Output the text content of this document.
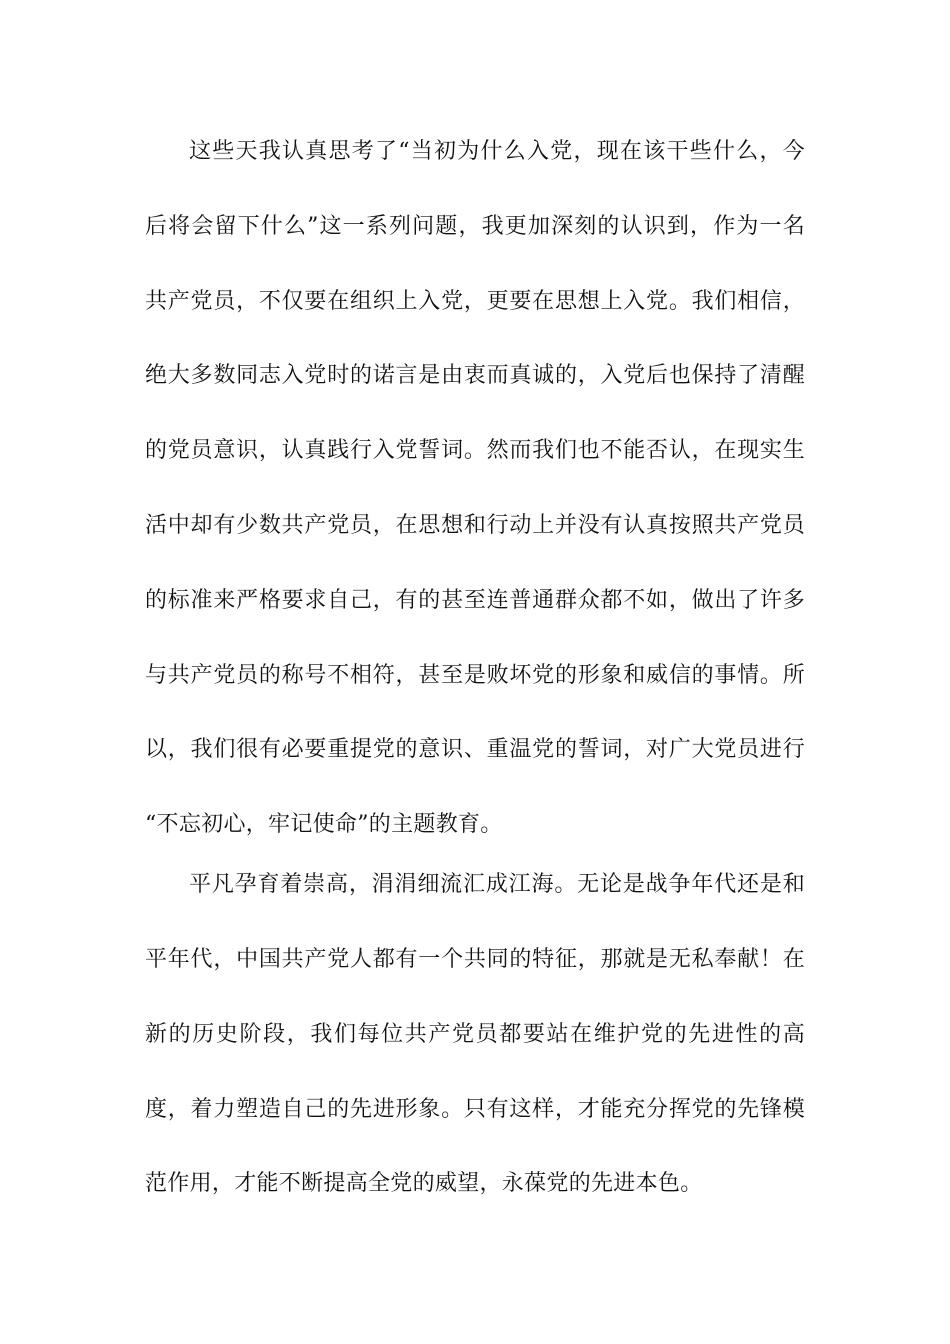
这些天我认真思考了“当初为什么入党，现在该干些什么，今
后将会留下什么”这一系列问题，我更加深刻的认识到，作为一名
共产党员，不仅要在组织上入党，更要在思想上入党。我们相信，
绝大多数同志入党时的诺言是由衷而真诚的，入党后也保持了清醒
的党员意识，认真践行入党誓词。然而我们也不能否认，在现实生
活中却有少数共产党员，在思想和行动上并没有认真按照共产党员
的标准来严格要求自己，有的甚至连普通群众都不如，做出了许多
与共产党员的称号不相符，甚至是败坏党的形象和威信的事情。所
以，我们很有必要重提党的意识、重温党的誓词，对广大党员进行
“不忘初心，牢记使命”的主题教育。
平凡孕育着崇高，涓涓细流汇成江海。无论是战争年代还是和
平年代，中国共产党人都有一个共同的特征，那就是无私奉献！在
新的历史阶段，我们每位共产党员都要站在维护党的先进性的高
度，着力塑造自己的先进形象。只有这样，才能充分挥党的先锋模
范作用，才能不断提高全党的威望，永葆党的先进本色。
